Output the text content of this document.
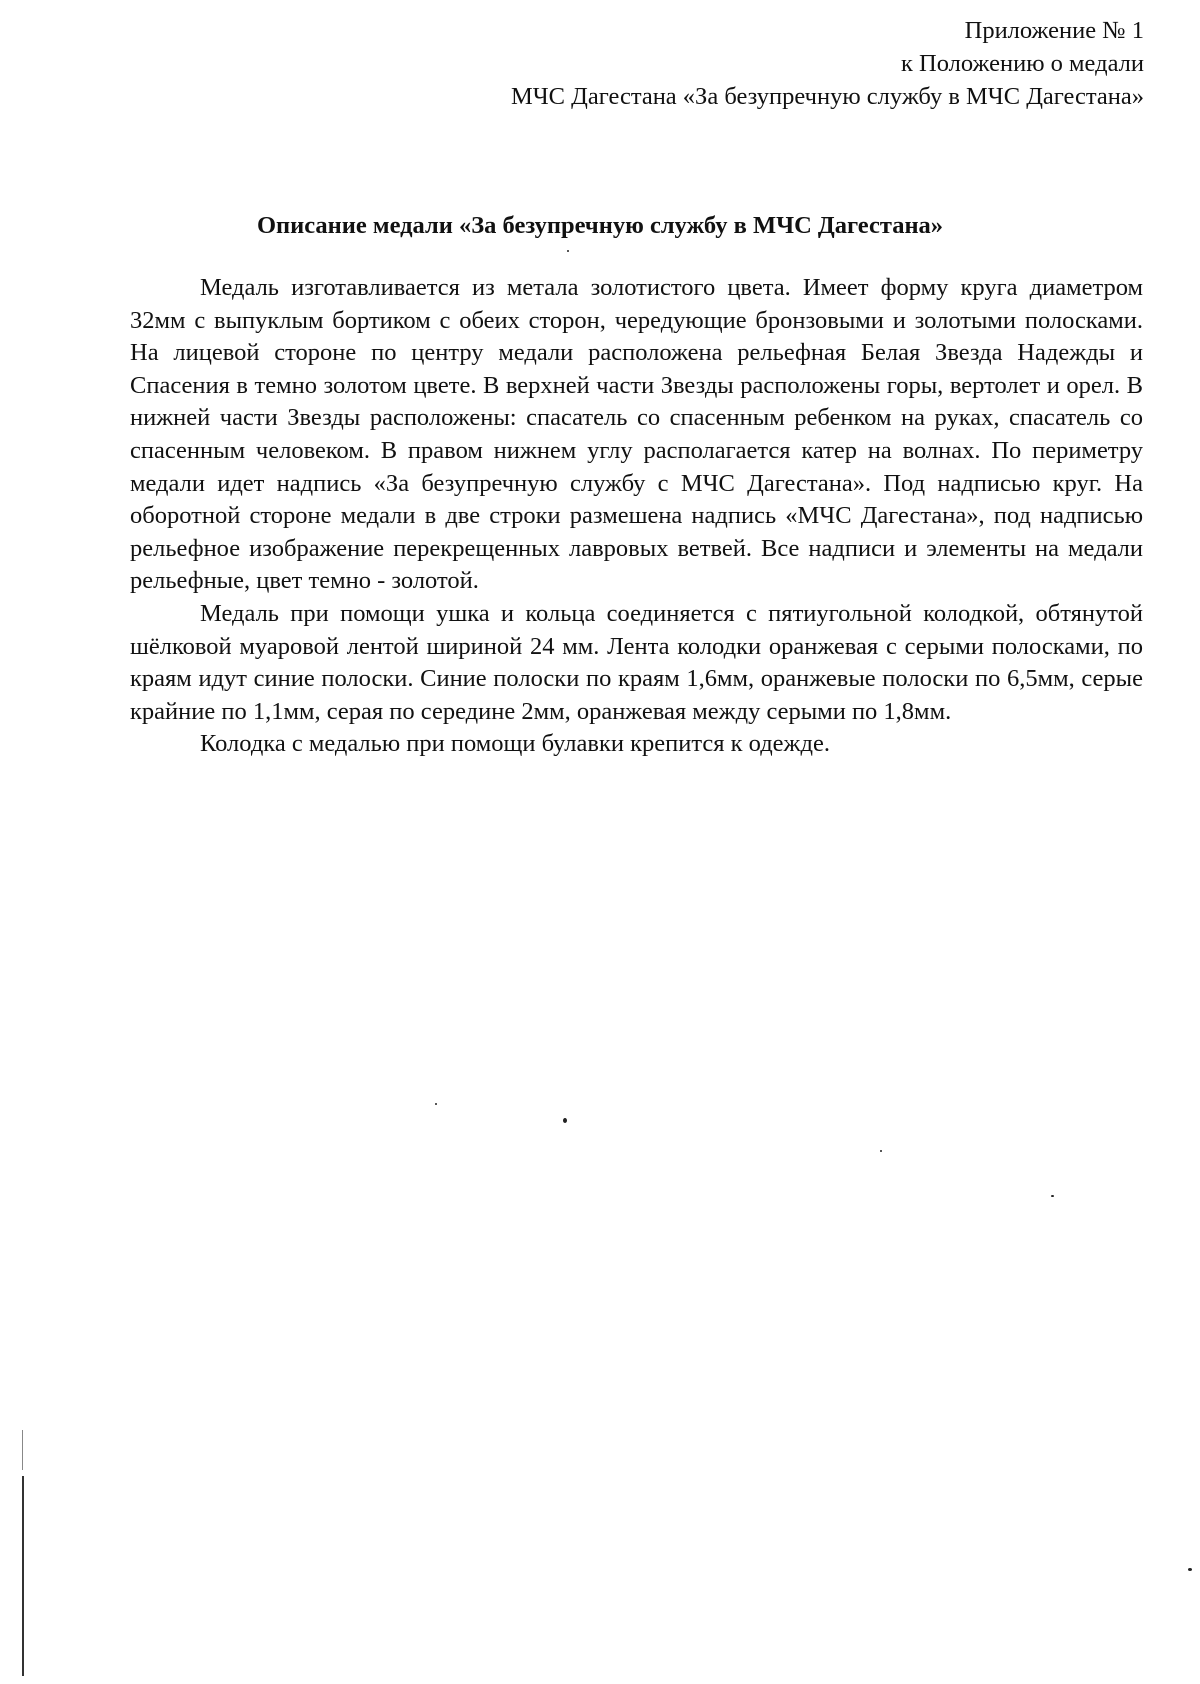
Приложение № 1
к Положению о медали
МЧС Дагестана «За безупречную службу в МЧС Дагестана»
Описание медали «За безупречную службу в МЧС Дагестана»

Медаль изготавливается из метала золотистого цвета. Имеет форму круга диаметром 32мм с выпуклым бортиком с обеих сторон, чередующие бронзовыми и золотыми полосками. На лицевой стороне по центру медали расположена рельефная Белая Звезда Надежды и Спасения в темно золотом цвете. В верхней части Звезды расположены горы, вертолет и орел. В нижней части Звезды расположены: спасатель со спасенным ребенком на руках, спасатель со спасенным человеком. В правом нижнем углу располагается катер на волнах. По периметру медали идет надпись «За безупречную службу с МЧС Дагестана». Под надписью круг. На оборотной стороне медали в две строки размешена надпись «МЧС Дагестана», под надписью рельефное изображение перекрещенных лавровых ветвей. Все надписи и элементы на медали рельефные, цвет темно - золотой.

Медаль при помощи ушка и кольца соединяется с пятиугольной колодкой, обтянутой шёлковой муаровой лентой шириной 24 мм. Лента колодки оранжевая с серыми полосками, по краям идут синие полоски. Синие полоски по краям 1,6мм, оранжевые полоски по 6,5мм, серые крайние по 1,1мм, серая по середине 2мм, оранжевая между серыми по 1,8мм.

Колодка с медалью при помощи булавки крепится к одежде.
